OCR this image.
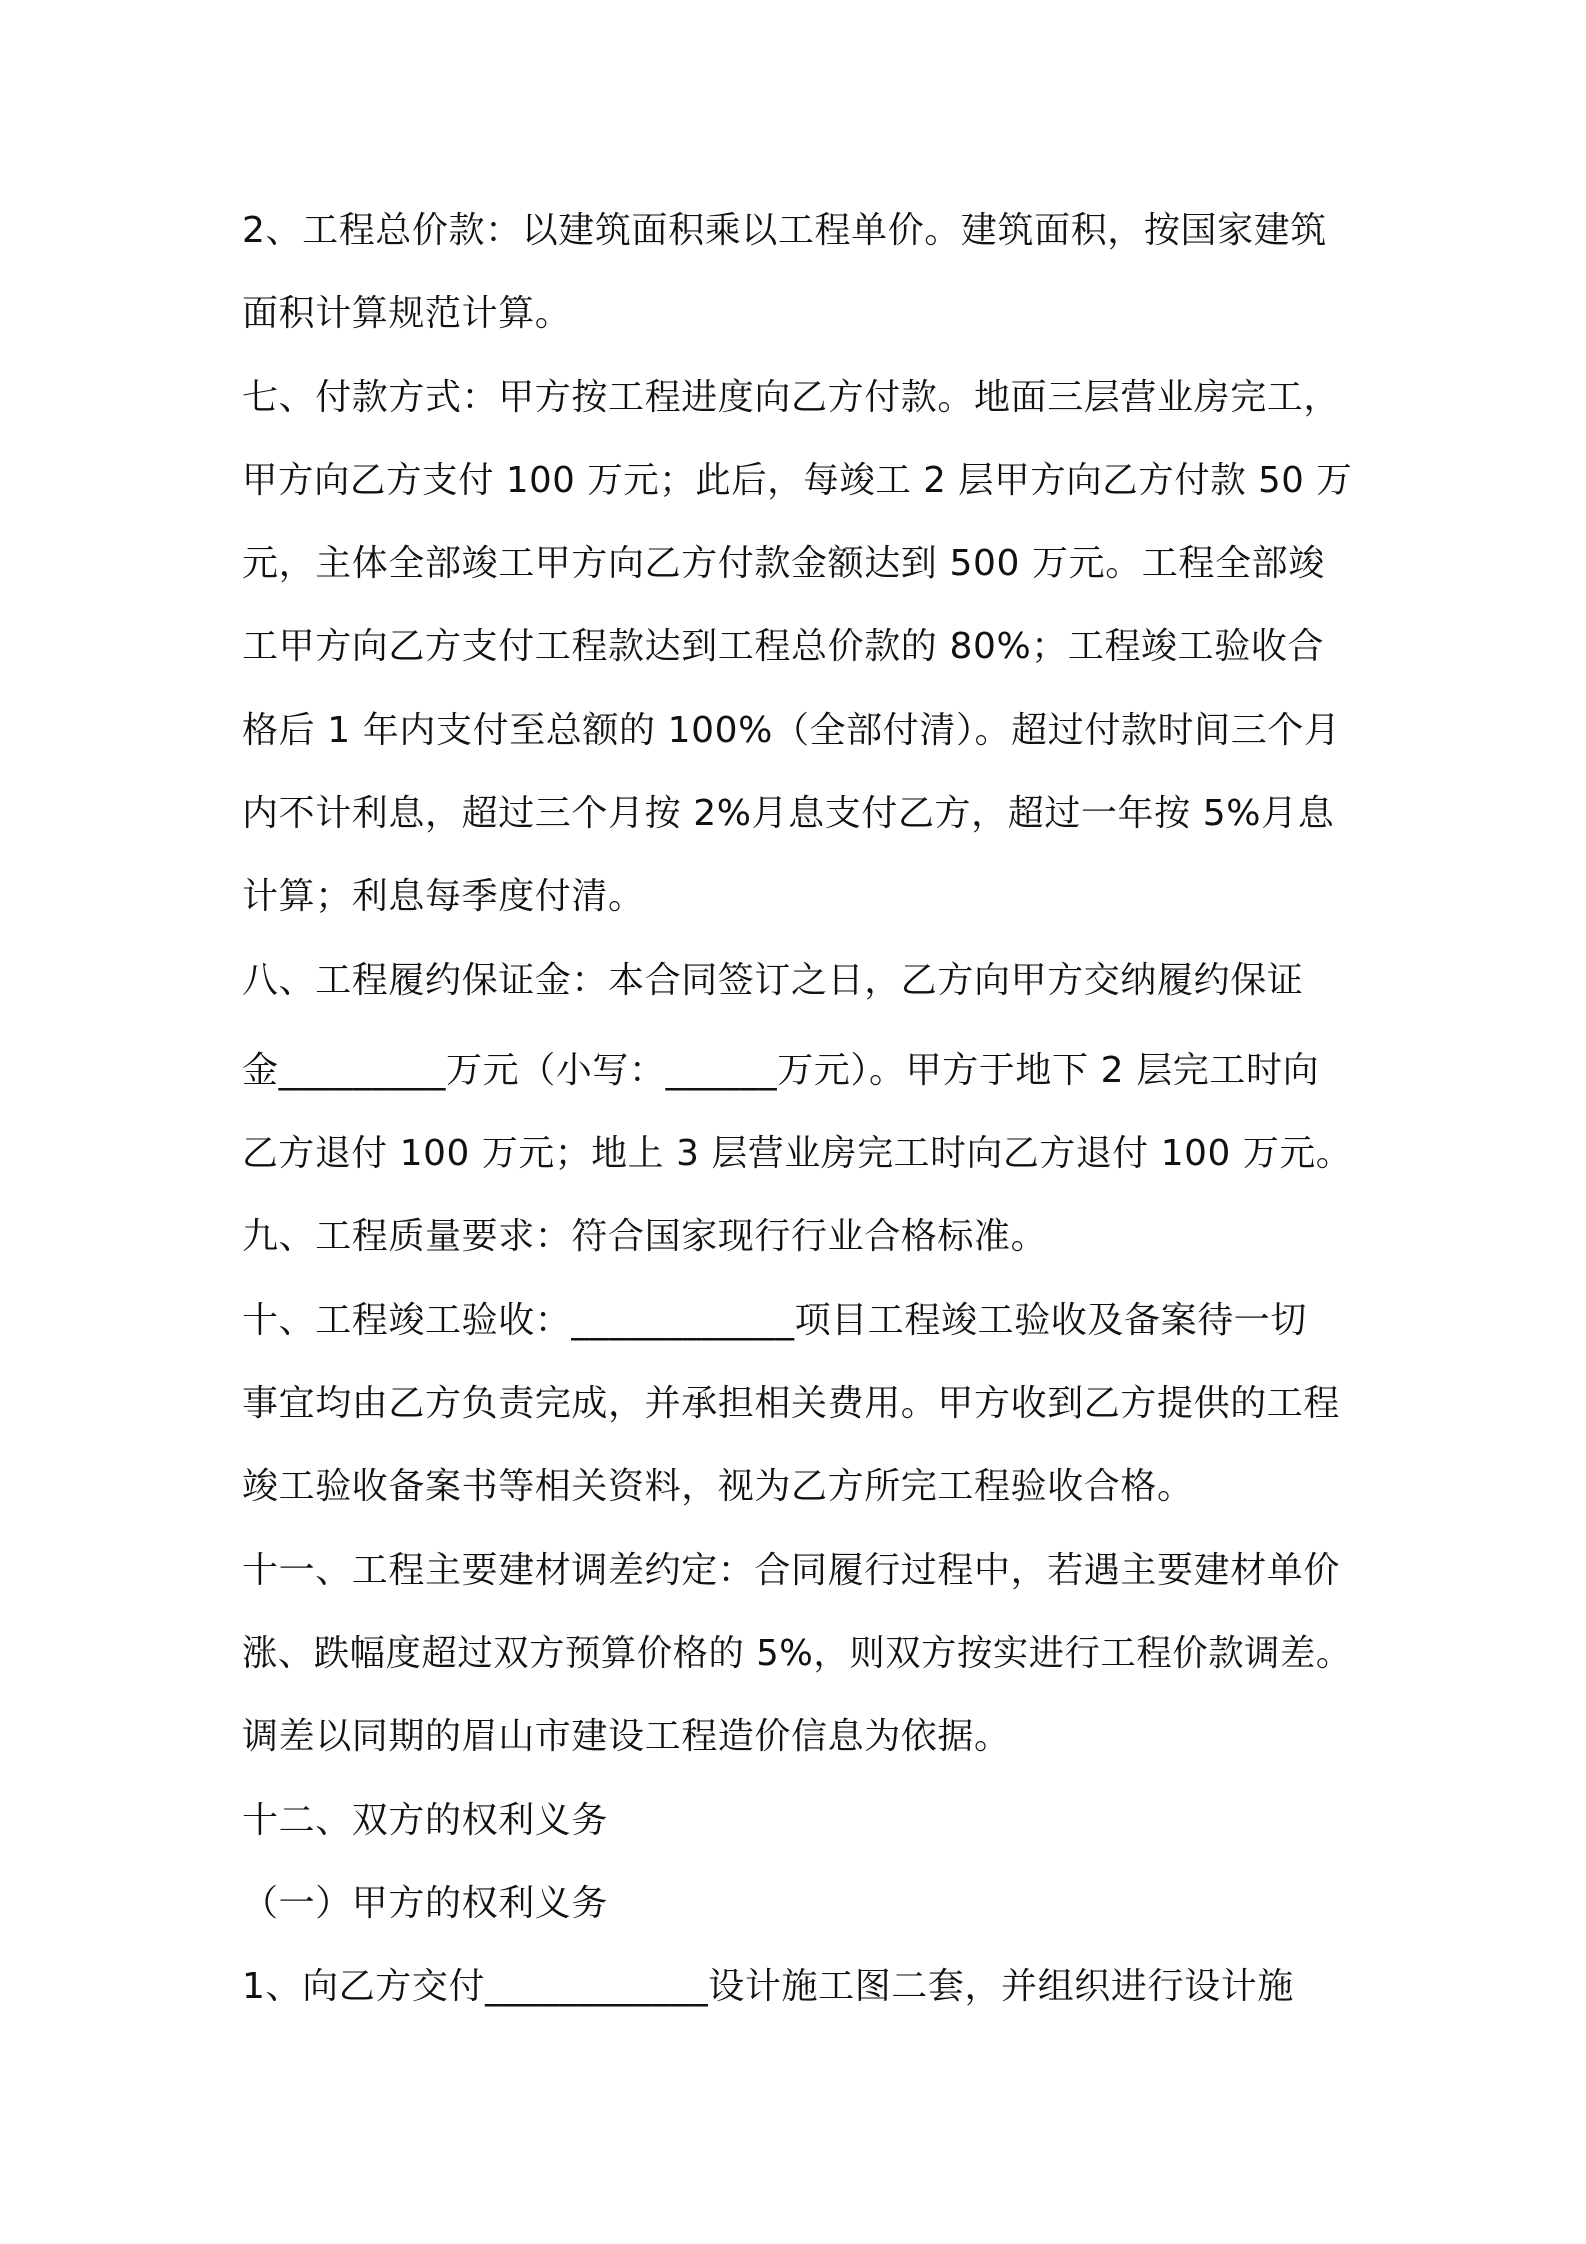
2、工程总价款：以建筑面积乘以工程单价。建筑面积，按国家建筑

面积计算规范计算。

七、付款方式：甲方按工程进度向乙方付款。地面三层营业房完工，

甲方向乙方支付 100 万元；此后，每竣工 2 层甲方向乙方付款 50 万

元，主体全部竣工甲方向乙方付款金额达到 500 万元。工程全部竣

工甲方向乙方支付工程款达到工程总价款的 80%；工程竣工验收合

格后 1 年内支付至总额的 100%（全部付清）。超过付款时间三个月

内不计利息，超过三个月按 2%月息支付乙方，超过一年按 5%月息

计算；利息每季度付清。

八、工程履约保证金：本合同签订之日，乙方向甲方交纳履约保证

金_________万元（小写：______万元）。甲方于地下 2 层完工时向

乙方退付 100 万元；地上 3 层营业房完工时向乙方退付 100 万元。

九、工程质量要求：符合国家现行行业合格标准。

十、工程竣工验收：____________项目工程竣工验收及备案待一切

事宜均由乙方负责完成，并承担相关费用。甲方收到乙方提供的工程

竣工验收备案书等相关资料，视为乙方所完工程验收合格。

十一、工程主要建材调差约定：合同履行过程中，若遇主要建材单价

涨、跌幅度超过双方预算价格的 5%，则双方按实进行工程价款调差。

调差以同期的眉山市建设工程造价信息为依据。

十二、双方的权利义务

（一）甲方的权利义务

1、向乙方交付____________设计施工图二套，并组织进行设计施
